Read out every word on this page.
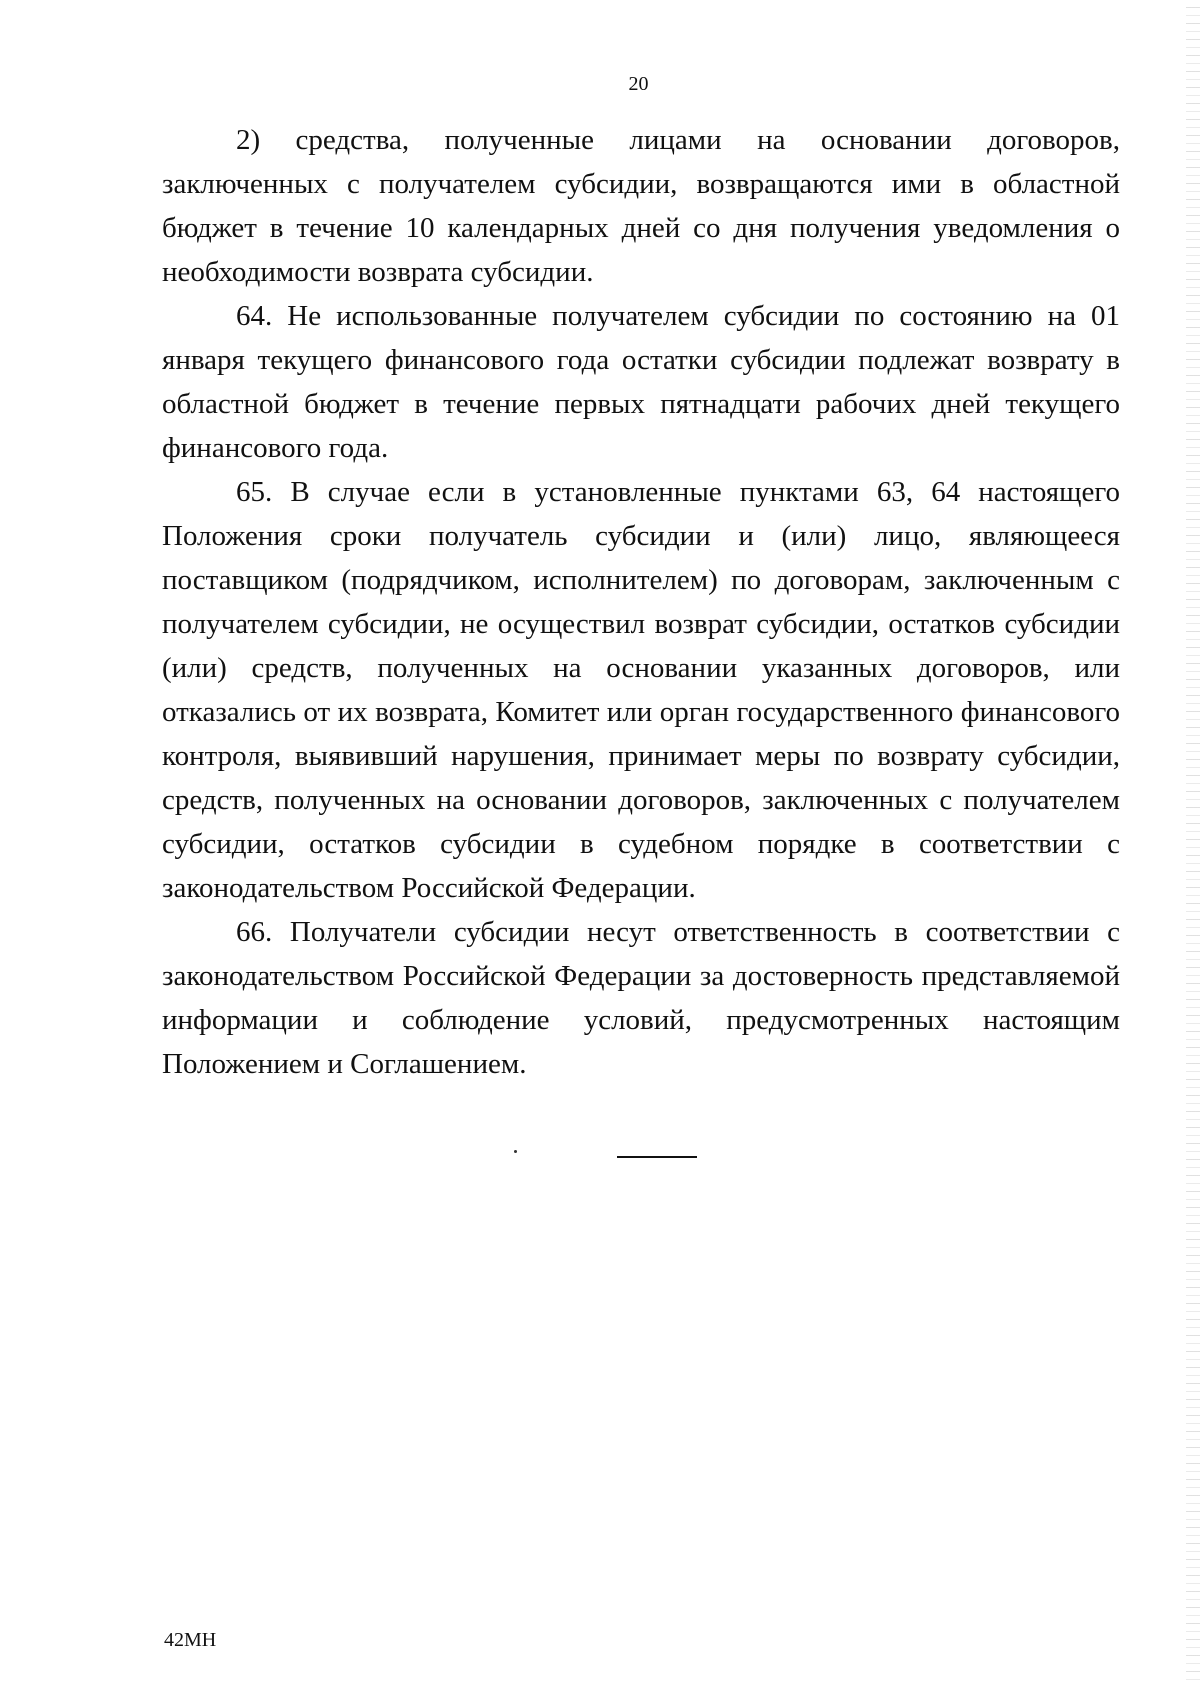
20

2) средства, полученные лицами на основании договоров, заключенных с получателем субсидии, возвращаются ими в областной бюджет в течение 10 календарных дней со дня получения уведомления о необходимости возврата субсидии.

64. Не использованные получателем субсидии по состоянию на 01 января текущего финансового года остатки субсидии подлежат возврату в областной бюджет в течение первых пятнадцати рабочих дней текущего финансового года.

65. В случае если в установленные пунктами 63, 64 настоящего Положения сроки получатель субсидии и (или) лицо, являющееся поставщиком (подрядчиком, исполнителем) по договорам, заключенным с получателем субсидии, не осуществил возврат субсидии, остатков субсидии (или) средств, полученных на основании указанных договоров, или отказались от их возврата, Комитет или орган государственного финансового контроля, выявивший нарушения, принимает меры по возврату субсидии, средств, полученных на основании договоров, заключенных с получателем субсидии, остатков субсидии в судебном порядке в соответствии с законодательством Российской Федерации.

66. Получатели субсидии несут ответственность в соответствии с законодательством Российской Федерации за достоверность представляемой информации и соблюдение условий, предусмотренных настоящим Положением и Соглашением.

42МН
